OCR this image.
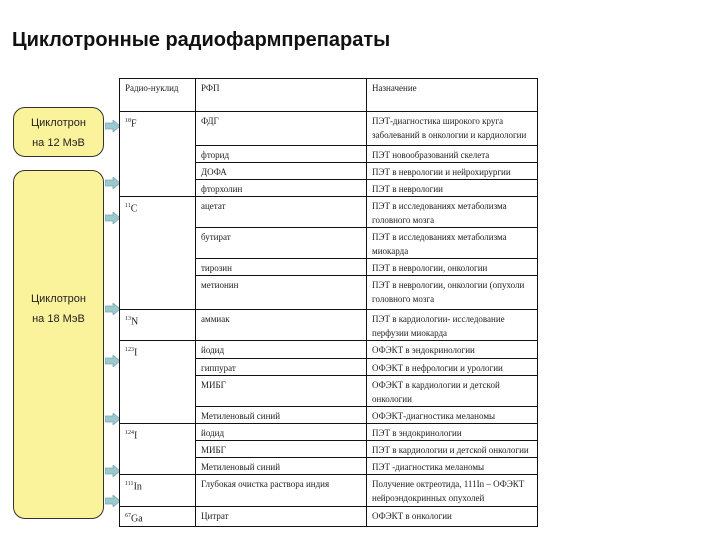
Циклотронные радиофармпрепараты
Циклотрон
на 12 МэВ
Циклотрон
на 18 МэВ
Радио-нуклид	РФП	Назначение
$^{18}$F	ФДГ	ПЭТ-диагностика широкого круга заболеваний в онкологии и кардиологии
	фторид	ПЭТ новообразований скелета
	ДОФА	ПЭТ в неврологии и нейрохирургии
	фторхолин	ПЭТ в неврологии
$^{11}$C	ацетат	ПЭТ в исследованиях метаболизма головного мозга
	бутират	ПЭТ в исследованиях метаболизма миокарда
	тирозин	ПЭТ в неврологии, онкологии
	метионин	ПЭТ в неврологии, онкологии (опухоли головного мозга
$^{13}$N	аммиак	ПЭТ в кардиологии- исследование перфузии миокарда
$^{123}$I	йодид	ОФЭКТ в эндокринологии
	гиппурат	ОФЭКТ в нефрологии и урологии
	МИБГ	ОФЭКТ в кардиологии и детской онкологии
	Метиленовый синий	ОФЭКТ-диагностика меланомы
$^{124}$I	йодид	ПЭТ в эндокринологии
	МИБГ	ПЭТ в кардиологии и детской онкологии
	Метиленовый синий	ПЭТ -диагностика меланомы
$^{111}$In	Глубокая очистка раствора индия	Получение октреотида, 111In – ОФЭКТ нейроэндокринных опухолей
$^{67}$Ga	Цитрат	ОФЭКТ в онкологии
